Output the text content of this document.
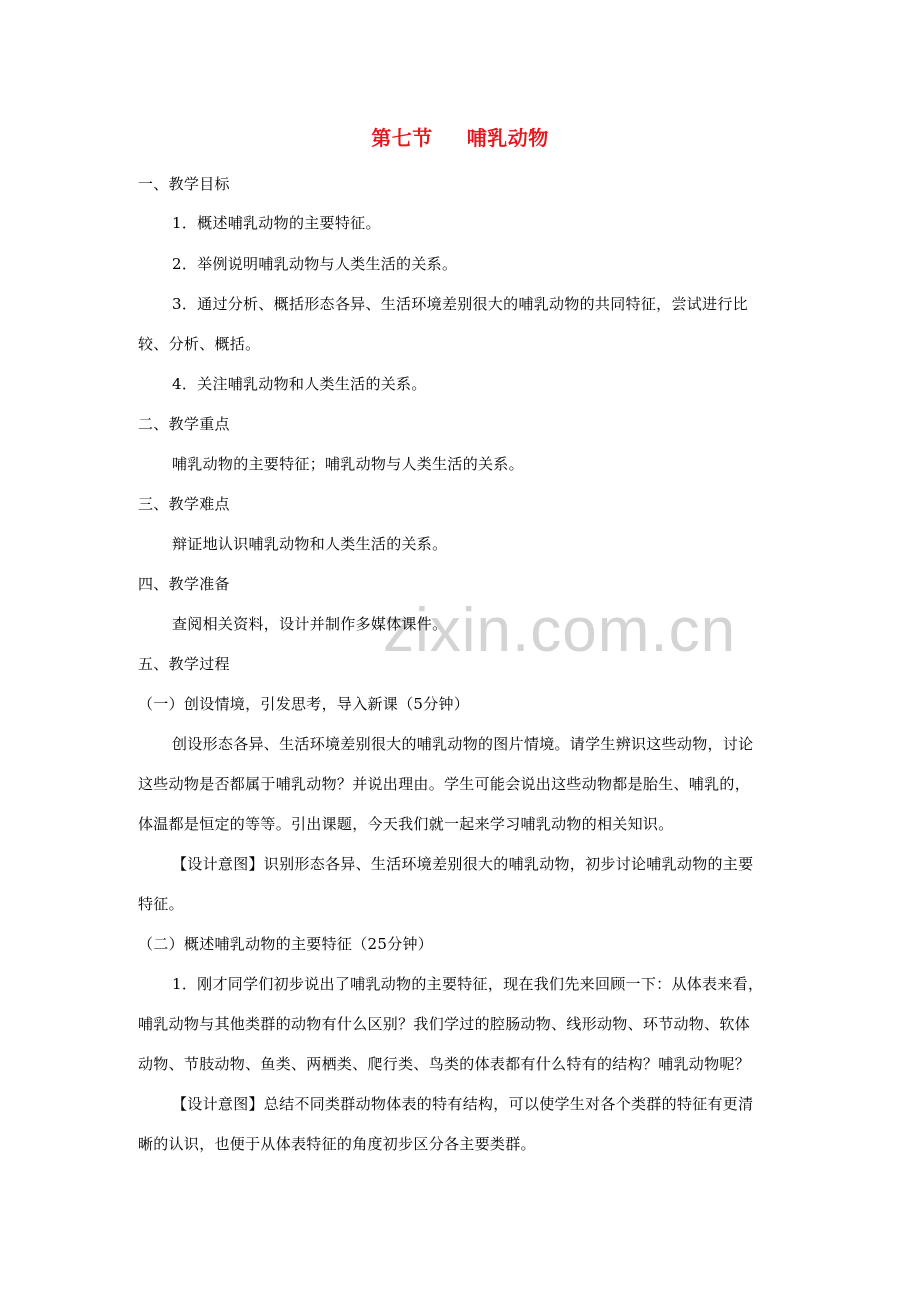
zixin.com.cn
第七节 哺乳动物
一、教学目标
1．概述哺乳动物的主要特征。
2．举例说明哺乳动物与人类生活的关系。
3．通过分析、概括形态各异、生活环境差别很大的哺乳动物的共同特征，尝试进行比
较、分析、概括。
4．关注哺乳动物和人类生活的关系。
二、教学重点
哺乳动物的主要特征；哺乳动物与人类生活的关系。
三、教学难点
辩证地认识哺乳动物和人类生活的关系。
四、教学准备
查阅相关资料，设计并制作多媒体课件。
五、教学过程
（一）创设情境，引发思考，导入新课（5分钟）
创设形态各异、生活环境差别很大的哺乳动物的图片情境。请学生辨识这些动物，讨论
这些动物是否都属于哺乳动物？并说出理由。学生可能会说出这些动物都是胎生、哺乳的，
体温都是恒定的等等。引出课题，今天我们就一起来学习哺乳动物的相关知识。
【设计意图】识别形态各异、生活环境差别很大的哺乳动物，初步讨论哺乳动物的主要
特征。
（二）概述哺乳动物的主要特征（25分钟）
1．刚才同学们初步说出了哺乳动物的主要特征，现在我们先来回顾一下：从体表来看，
哺乳动物与其他类群的动物有什么区别？我们学过的腔肠动物、线形动物、环节动物、软体
动物、节肢动物、鱼类、两栖类、爬行类、鸟类的体表都有什么特有的结构？哺乳动物呢？
【设计意图】总结不同类群动物体表的特有结构，可以使学生对各个类群的特征有更清
晰的认识，也便于从体表特征的角度初步区分各主要类群。
